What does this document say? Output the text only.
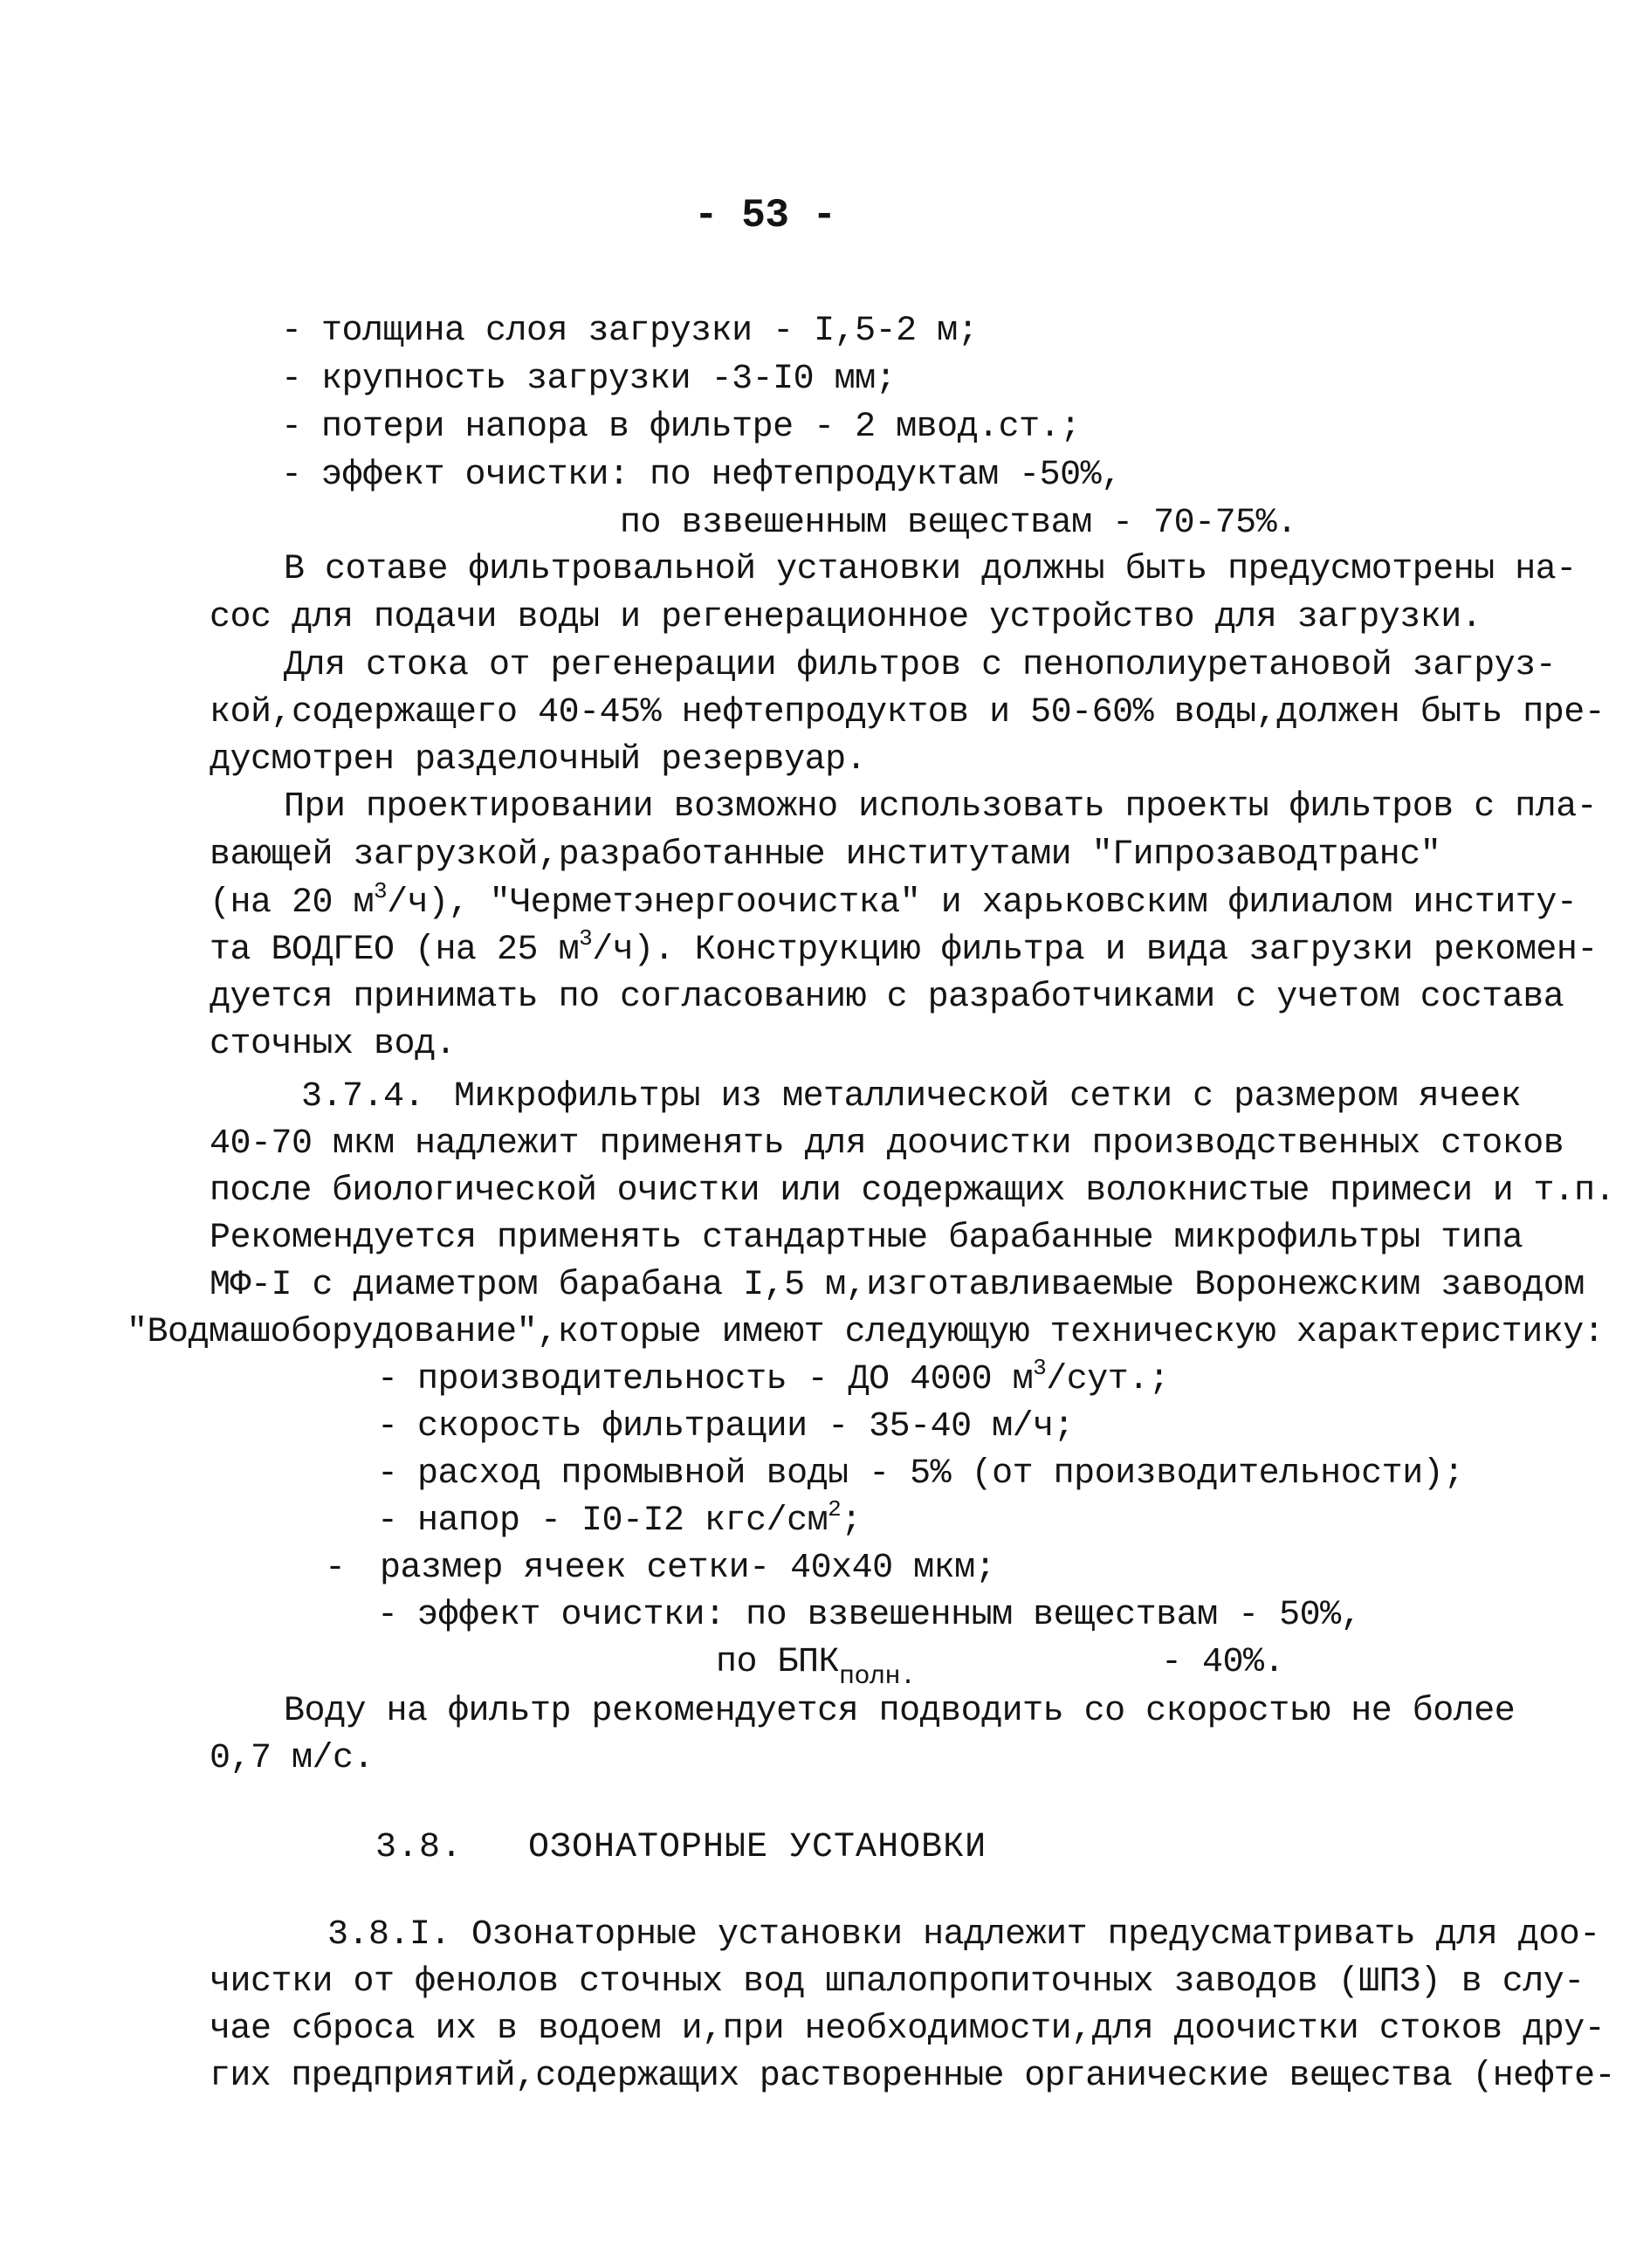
- 53 -
- толщина слоя загрузки - I,5-2 м;
- крупность загрузки -3-I0 мм;
- потери напора в фильтре - 2 мвод.ст.;
- эффект очистки: по нефтепродуктам -50%,
по взвешенным веществам - 70-75%.
В сотаве фильтровальной установки должны быть предусмотрены на-
сос для подачи воды и регенерационное устройство для загрузки.
Для стока от регенерации фильтров с пенополиуретановой загруз-
кой,содержащего 40-45% нефтепродуктов и 50-60% воды,должен быть пре-
дусмотрен разделочный резервуар.
При проектировании возможно использовать проекты фильтров с пла-
вающей загрузкой,разработанные институтами "Гипрозаводтранс"
(на 20 $м^3/ч$), "Черметэнергоочистка" и харьковским филиалом институ-
та ВОДГЕО (на 25 $м^3/ч$). Конструкцию фильтра и вида загрузки рекомен-
дуется принимать по согласованию с разработчиками с учетом состава
сточных вод.
3.7.4. Микрофильтры из металлической сетки с размером ячеек
40-70 мкм надлежит применять для доочистки производственных стоков
после биологической очистки или содержащих волокнистые примеси и т.п.
Рекомендуется применять стандартные барабанные микрофильтры типа
МФ-I с диаметром барабана I,5 м,изготавливаемые Воронежским заводом
"Водмашоборудование",которые имеют следующую техническую характеристику:
- производительность - ДО 4000 $м^3$/сут.;
- скорость фильтрации - 35-40 м/ч;
- расход промывной воды - 5% (от производительности);
- напор - I0-I2 кгс/$см^2$;
- размер ячеек сетки- 40х40 мкм;
- эффект очистки: по взвешенным веществам - 50%,
по $БПК_{полн.}$	- 40%.
Воду на фильтр рекомендуется подводить со скоростью не более
0,7 м/с.
3.8. ОЗОНАТОРНЫЕ УСТАНОВКИ
3.8.I. Озонаторные установки надлежит предусматривать для доо-
чистки от фенолов сточных вод шпалопропиточных заводов (ШПЗ) в слу-
чае сброса их в водоем и,при необходимости,для доочистки стоков дру-
гих предприятий,содержащих растворенные органические вещества (нефте-
